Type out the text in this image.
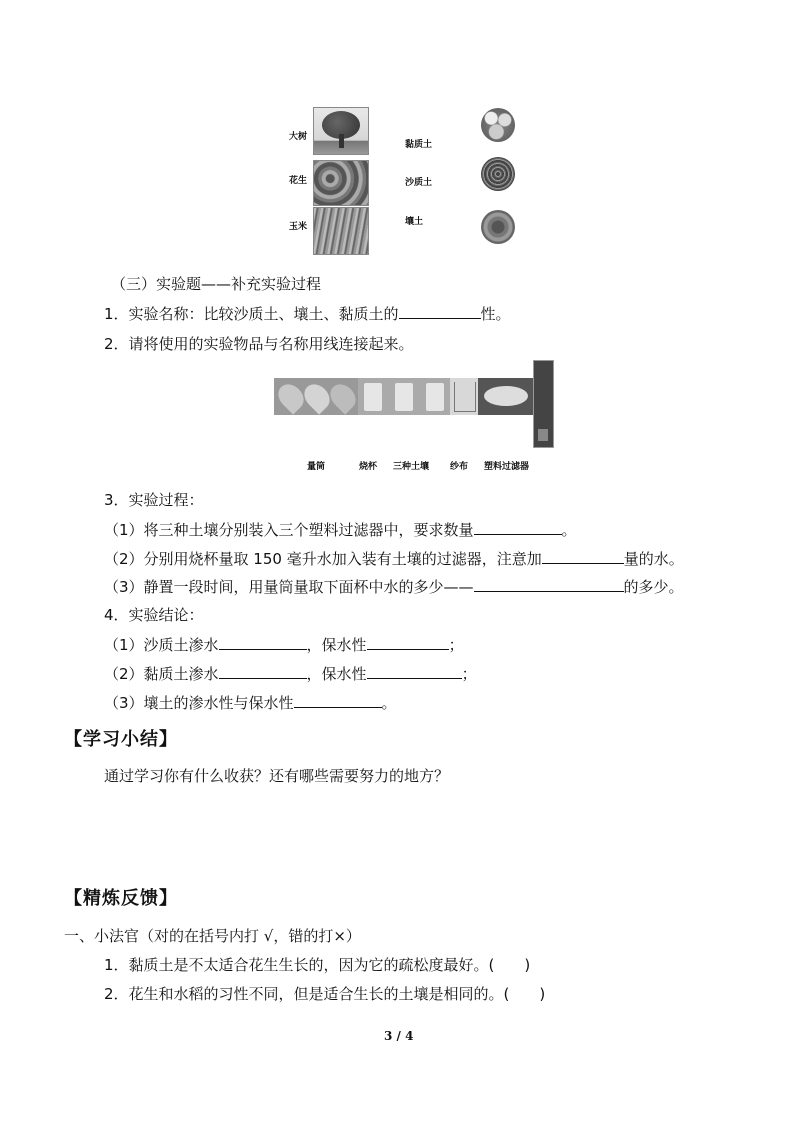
大树
花生
玉米
黏质土
沙质土
壤土
（三）实验题——补充实验过程
1．实验名称：比较沙质土、壤土、黏质土的	性。
2．请将使用的实验物品与名称用线连接起来。
量筒	烧杯 三种土壤 纱布 塑料过滤器
3．实验过程：
（1）将三种土壤分别装入三个塑料过滤器中，要求数量	。
（2）分别用烧杯量取 150 毫升水加入装有土壤的过滤器，注意加	量的水。
（3）静置一段时间，用量筒量取下面杯中水的多少——	的多少。
4．实验结论：
（1）沙质土渗水	，保水性	；
（2）黏质土渗水	，保水性	；
（3）壤土的渗水性与保水性	。
【学习小结】
通过学习你有什么收获？还有哪些需要努力的地方？
【精炼反馈】
一、小法官（对的在括号内打 √，错的打×）
1．黏质土是不太适合花生生长的，因为它的疏松度最好。(　　)
2．花生和水稻的习性不同，但是适合生长的土壤是相同的。(　　)
3 / 4
